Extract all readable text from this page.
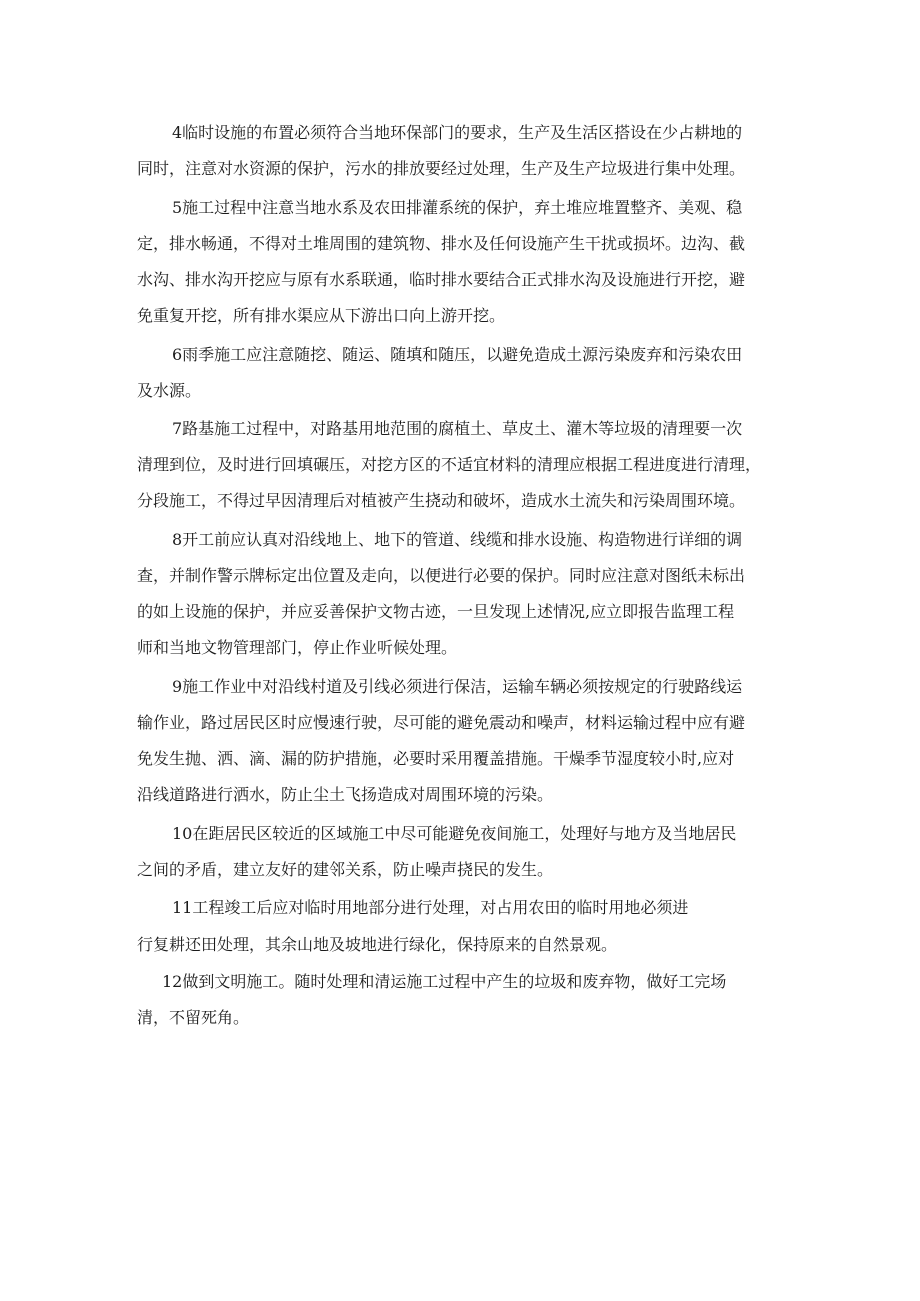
4临时设施的布置必须符合当地环保部门的要求，生产及生活区搭设在少占耕地的

同时，注意对水资源的保护，污水的排放要经过处理，生产及生产垃圾进行集中处理。

5施工过程中注意当地水系及农田排灌系统的保护，弃土堆应堆置整齐、美观、稳

定，排水畅通，不得对土堆周围的建筑物、排水及任何设施产生干扰或损坏。边沟、截

水沟、排水沟开挖应与原有水系联通，临时排水要结合正式排水沟及设施进行开挖，避

免重复开挖，所有排水渠应从下游出口向上游开挖。

6雨季施工应注意随挖、随运、随填和随压，以避免造成土源污染废弃和污染农田

及水源。

7路基施工过程中，对路基用地范围的腐植土、草皮土、灌木等垃圾的清理要一次

清理到位，及时进行回填碾压，对挖方区的不适宜材料的清理应根据工程进度进行清理，

分段施工，不得过早因清理后对植被产生挠动和破坏，造成水土流失和污染周围环境。

8开工前应认真对沿线地上、地下的管道、线缆和排水设施、构造物进行详细的调

查，并制作警示牌标定出位置及走向，以便进行必要的保护。同时应注意对图纸未标出

的如上设施的保护，并应妥善保护文物古迹，一旦发现上述情况,应立即报告监理工程

师和当地文物管理部门，停止作业听候处理。

9施工作业中对沿线村道及引线必须进行保洁，运输车辆必须按规定的行驶路线运

输作业，路过居民区时应慢速行驶，尽可能的避免震动和噪声，材料运输过程中应有避

免发生抛、洒、滴、漏的防护措施，必要时采用覆盖措施。干燥季节湿度较小时,应对

沿线道路进行洒水，防止尘土飞扬造成对周围环境的污染。

10在距居民区较近的区域施工中尽可能避免夜间施工，处理好与地方及当地居民

之间的矛盾，建立友好的建邻关系，防止噪声挠民的发生。

11工程竣工后应对临时用地部分进行处理，对占用农田的临时用地必须进

行复耕还田处理，其余山地及坡地进行绿化，保持原来的自然景观。

12做到文明施工。随时处理和清运施工过程中产生的垃圾和废弃物，做好工完场

清，不留死角。
